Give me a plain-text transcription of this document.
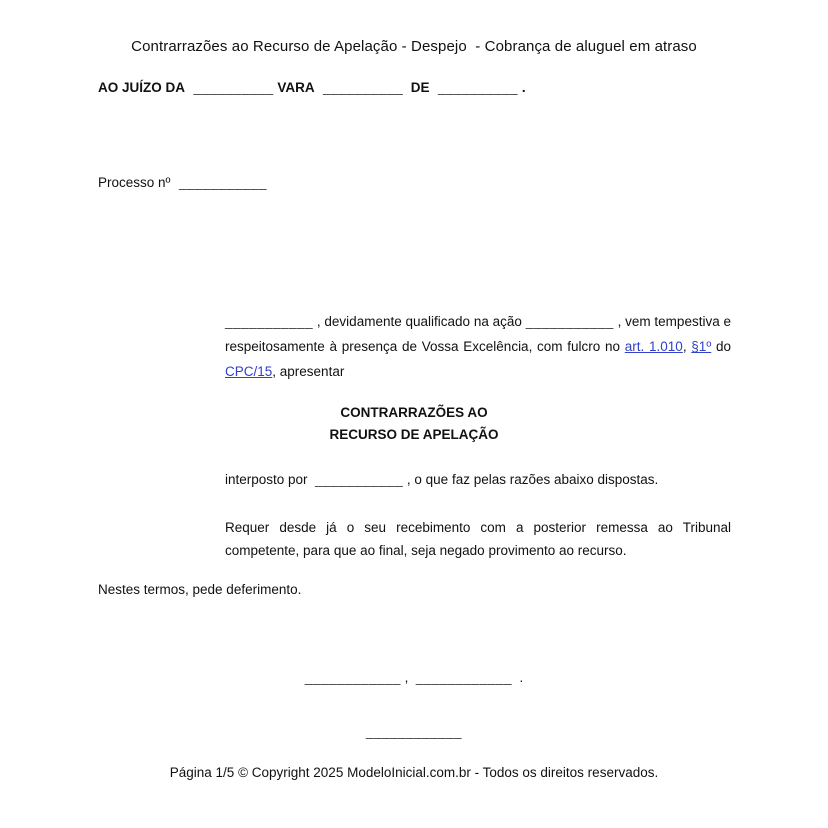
Contrarrazões ao Recurso de Apelação - Despejo  - Cobrança de aluguel em atraso
AO JUÍZO DA  __________ VARA  __________  DE  __________ .
Processo nº  ___________
___________ , devidamente qualificado na ação ___________ , vem tempestiva e respeitosamente à presença de Vossa Excelência, com fulcro no art. 1.010, §1º do CPC/15, apresentar
CONTRARRAZÕES AO
RECURSO DE APELAÇÃO
interposto por  ___________ , o que faz pelas razões abaixo dispostas.
Requer desde já o seu recebimento com a posterior remessa ao Tribunal competente, para que ao final, seja negado provimento ao recurso.
Nestes termos, pede deferimento.
____________ ,  ____________  .
____________
Página 1/5 © Copyright 2025 ModeloInicial.com.br - Todos os direitos reservados.
